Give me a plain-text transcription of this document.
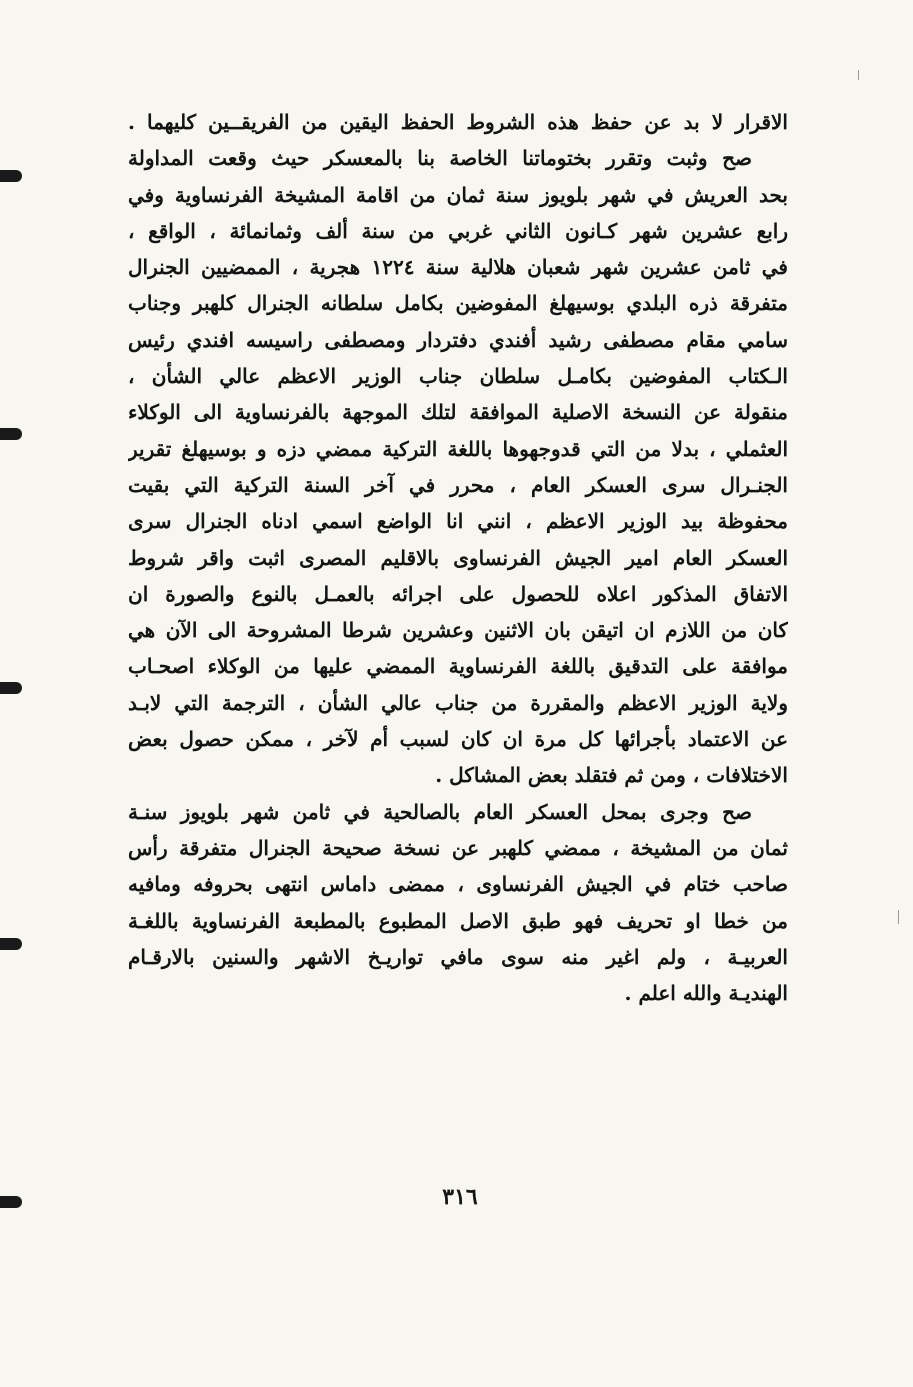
الاقرار لا بد عن حفظ هذه الشروط الحفظ اليقين من الفريقــين كليهما .
صح وثبت وتقرر بختوماتنا الخاصة بنا بالمعسكر حيث وقعت المداولة
بحد العريش في شهر بلويوز سنة ثمان من اقامة المشيخة الفرنساوية وفي
رابع عشرين شهر كـانون الثاني غربي من سنة ألف وثمانمائة ، الواقع ،
في ثامن عشرين شهر شعبان هلالية سنة ١٢٢٤ هجرية ، الممضيين الجنرال
متفرقة ذره البلدي بوسيهلغ المفوضين بكامل سلطانه الجنرال كلهبر وجناب
سامي مقام مصطفى رشيد أفندي دفتردار ومصطفى راسيسه افندي رئيس
الـكتاب المفوضين بكامـل سلطان جناب الوزير الاعظم عالي الشأن ،
منقولة عن النسخة الاصلية الموافقة لتلك الموجهة بالفرنساوية الى الوكلاء
العثملي ، بدلا من التي قدوجهوها باللغة التركية ممضي دزه و بوسيهلغ تقرير
الجنـرال سرى العسكر العام ، محرر في آخر السنة التركية التي بقيت
محفوظة بيد الوزير الاعظم ، انني انا الواضع اسمي ادناه الجنرال سرى
العسكر العام امير الجيش الفرنساوى بالاقليم المصرى اثبت واقر شروط
الاتفاق المذكور اعلاه للحصول على اجرائه بالعمـل بالنوع والصورة ان
كان من اللازم ان اتيقن بان الاثنين وعشرين شرطا المشروحة الى الآن هي
موافقة على التدقيق باللغة الفرنساوية الممضي عليها من الوكلاء اصحـاب
ولاية الوزير الاعظم والمقررة من جناب عالي الشأن ، الترجمة التي لابـد
عن الاعتماد بأجرائها كل مرة ان كان لسبب أم لآخر ، ممكن حصول بعض
الاختلافات ، ومن ثم فتقلد بعض المشاكل .
صح وجرى بمحل العسكر العام بالصالحية في ثامن شهر بلويوز سنـة
ثمان من المشيخة ، ممضي كلهبر عن نسخة صحيحة الجنرال متفرقة رأس
صاحب ختام في الجيش الفرنساوى ، ممضى داماس انتهى بحروفه ومافيه
من خطا او تحريف فهو طبق الاصل المطبوع بالمطبعة الفرنساوية باللغـة
العربيـة ، ولم اغير منه سوى مافي تواريـخ الاشهر والسنين بالارقـام
الهنديـة والله اعلم .
٣١٦
